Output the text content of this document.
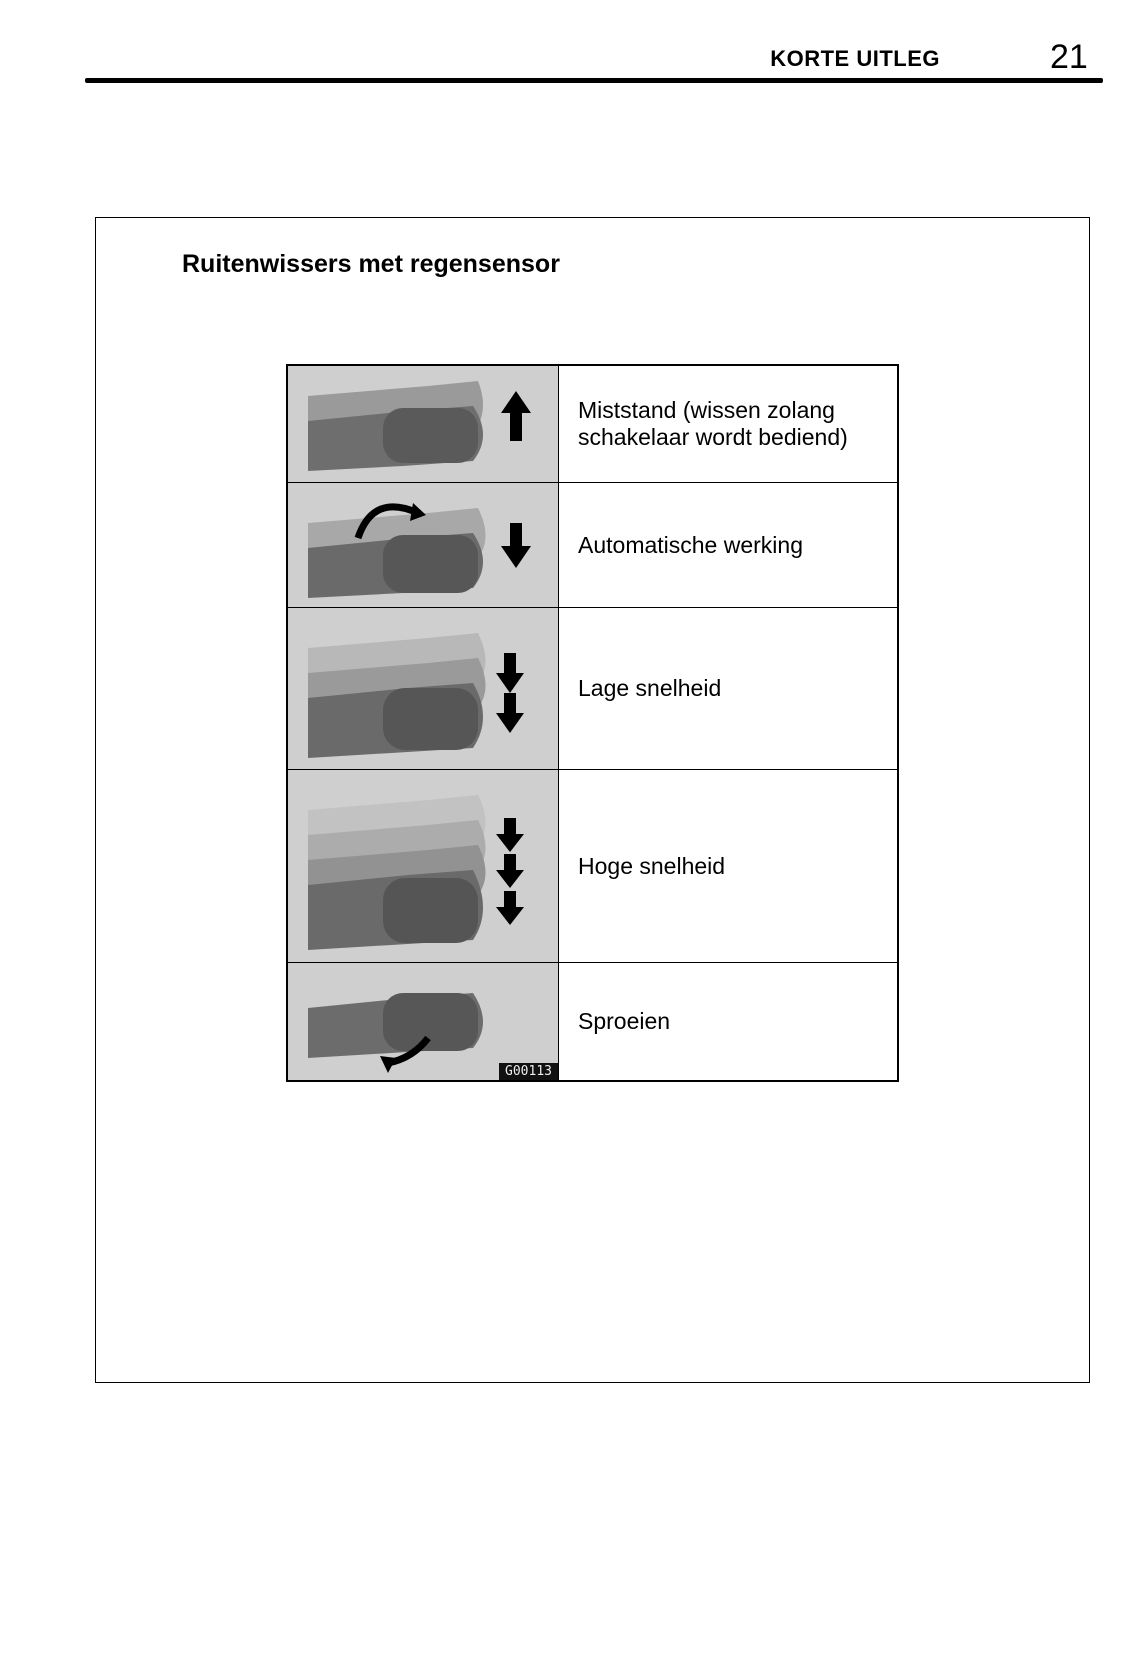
KORTE UITLEG	21
Ruitenwissers met regensensor
Miststand (wissen zolang
schakelaar wordt bediend)
Automatische werking
Lage snelheid
Hoge snelheid
G00113
Sproeien
